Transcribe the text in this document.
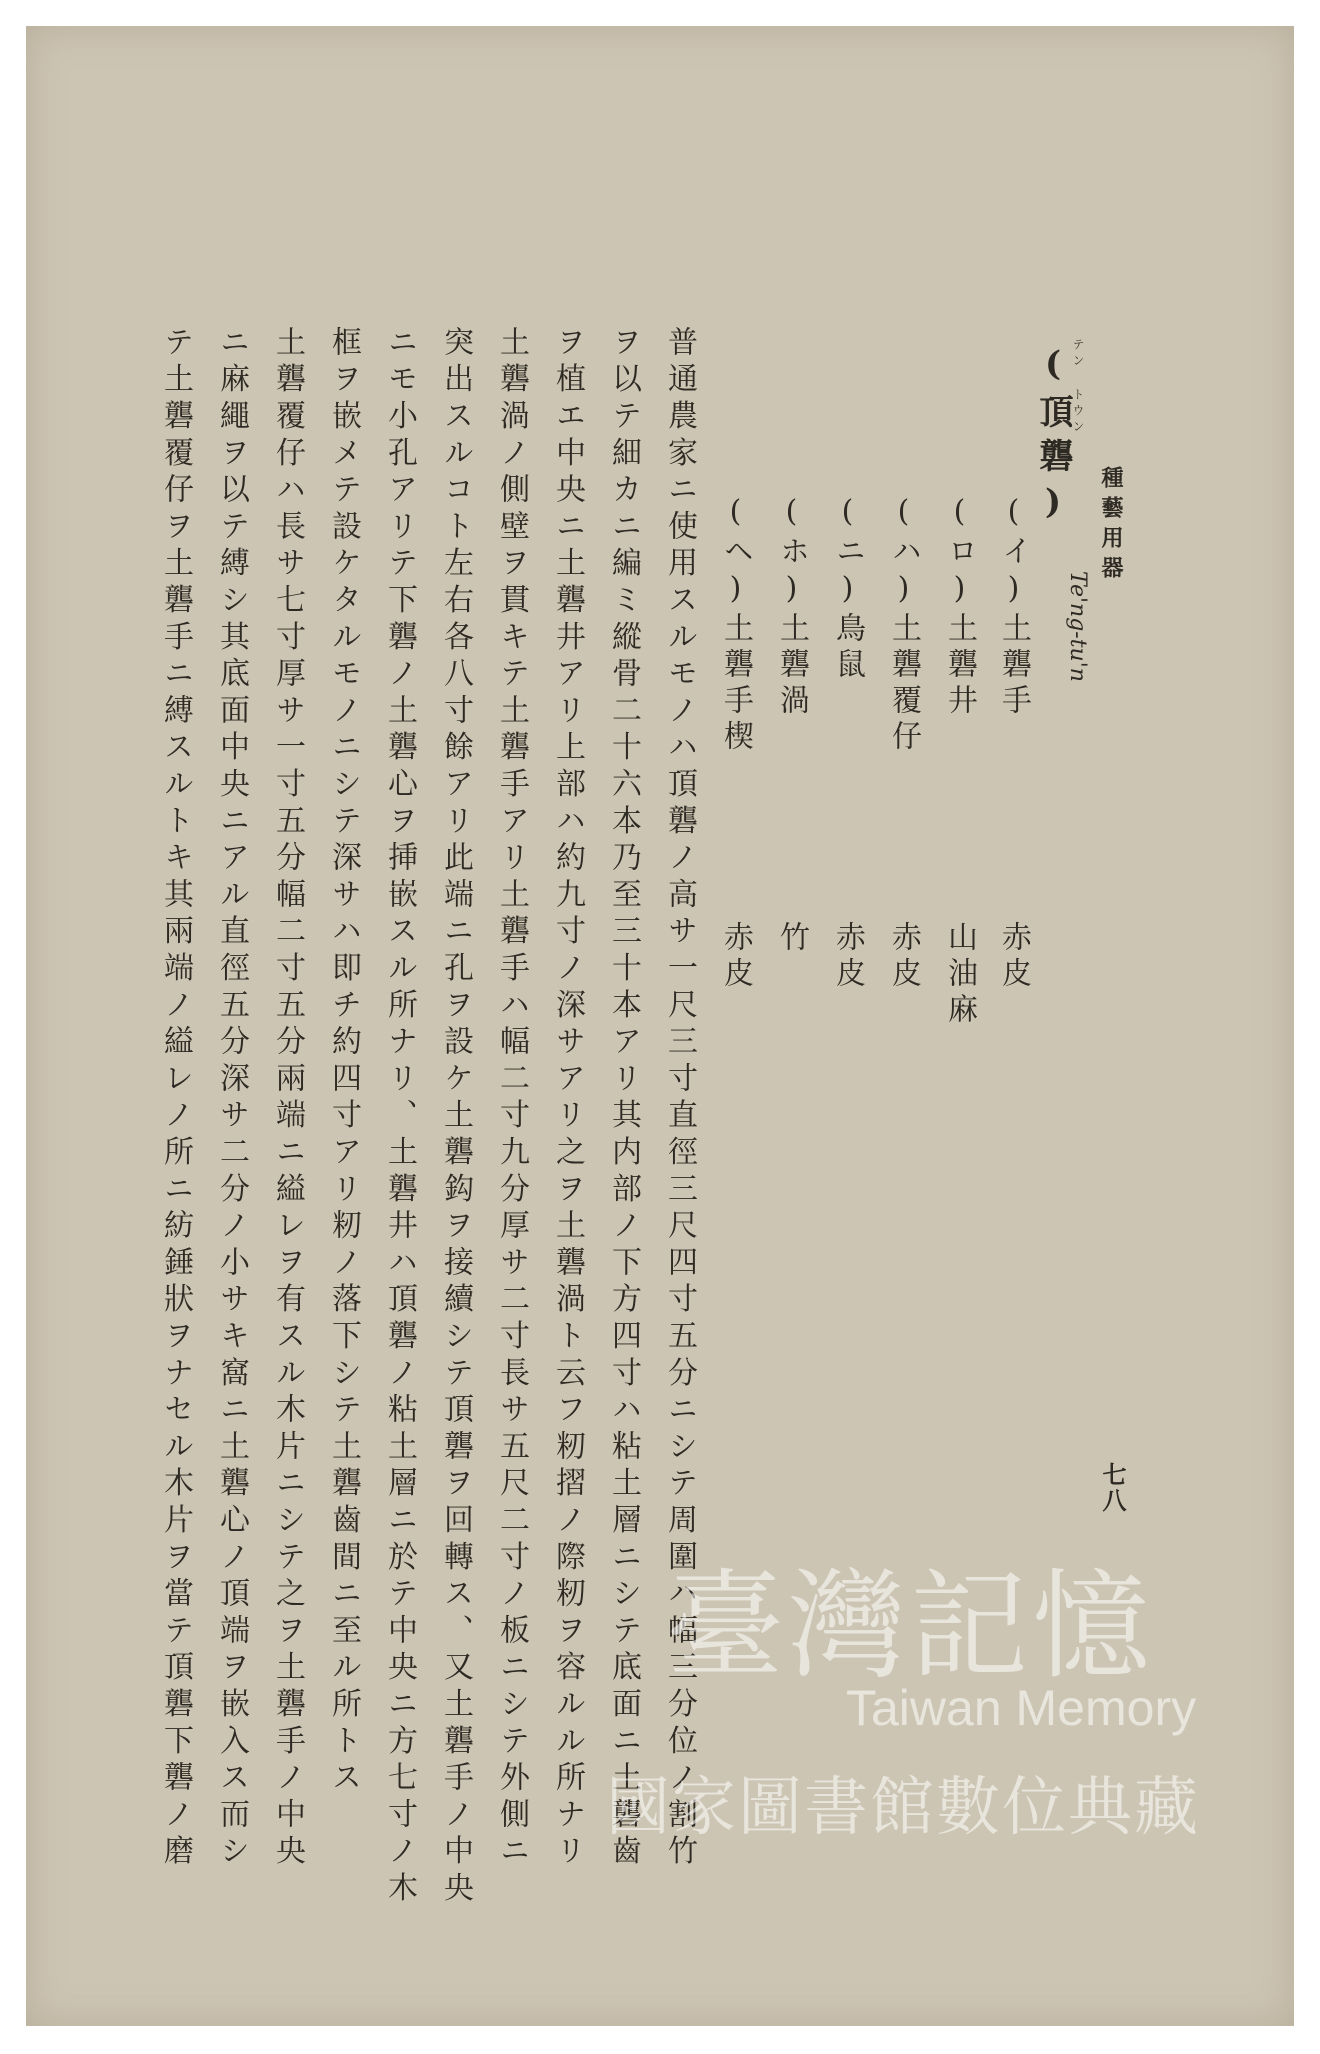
種藝用器
七八
Te'ng-tu'n
テン トウン
(頂礱)
(イ)土礱手
赤皮
(ロ)土礱井
山油麻
(ハ)土礱覆仔
赤皮
(ニ)鳥鼠
赤皮
(ホ)土礱渦
竹
(ヘ)土礱手楔
赤皮
普通農家ニ使用スルモノハ頂礱ノ高サ一尺三寸直徑三尺四寸五分ニシテ周圍ハ幅三分位ノ割竹
ヲ以テ細カニ編ミ縱骨二十六本乃至三十本アリ其内部ノ下方四寸ハ粘土層ニシテ底面ニ土礱齒
ヲ植エ中央ニ土礱井アリ上部ハ約九寸ノ深サアリ之ヲ土礱渦ト云フ籾摺ノ際籾ヲ容ルル所ナリ
土礱渦ノ側壁ヲ貫キテ土礱手アリ土礱手ハ幅二寸九分厚サ二寸長サ五尺二寸ノ板ニシテ外側ニ
突出スルコト左右各八寸餘アリ此端ニ孔ヲ設ケ土礱鈎ヲ接續シテ頂礱ヲ回轉ス、又土礱手ノ中央
ニモ小孔アリテ下礱ノ土礱心ヲ挿嵌スル所ナリ、土礱井ハ頂礱ノ粘土層ニ於テ中央ニ方七寸ノ木
框ヲ嵌メテ設ケタルモノニシテ深サハ即チ約四寸アリ籾ノ落下シテ土礱齒間ニ至ル所トス
土礱覆仔ハ長サ七寸厚サ一寸五分幅二寸五分兩端ニ縊レヲ有スル木片ニシテ之ヲ土礱手ノ中央
ニ麻繩ヲ以テ縛シ其底面中央ニアル直徑五分深サ二分ノ小サキ窩ニ土礱心ノ頂端ヲ嵌入ス而シ
テ土礱覆仔ヲ土礱手ニ縛スルトキ其兩端ノ縊レノ所ニ紡錘狀ヲナセル木片ヲ當テ頂礱下礱ノ磨	臺灣記憶
Taiwan Memory
國家圖書館數位典藏
